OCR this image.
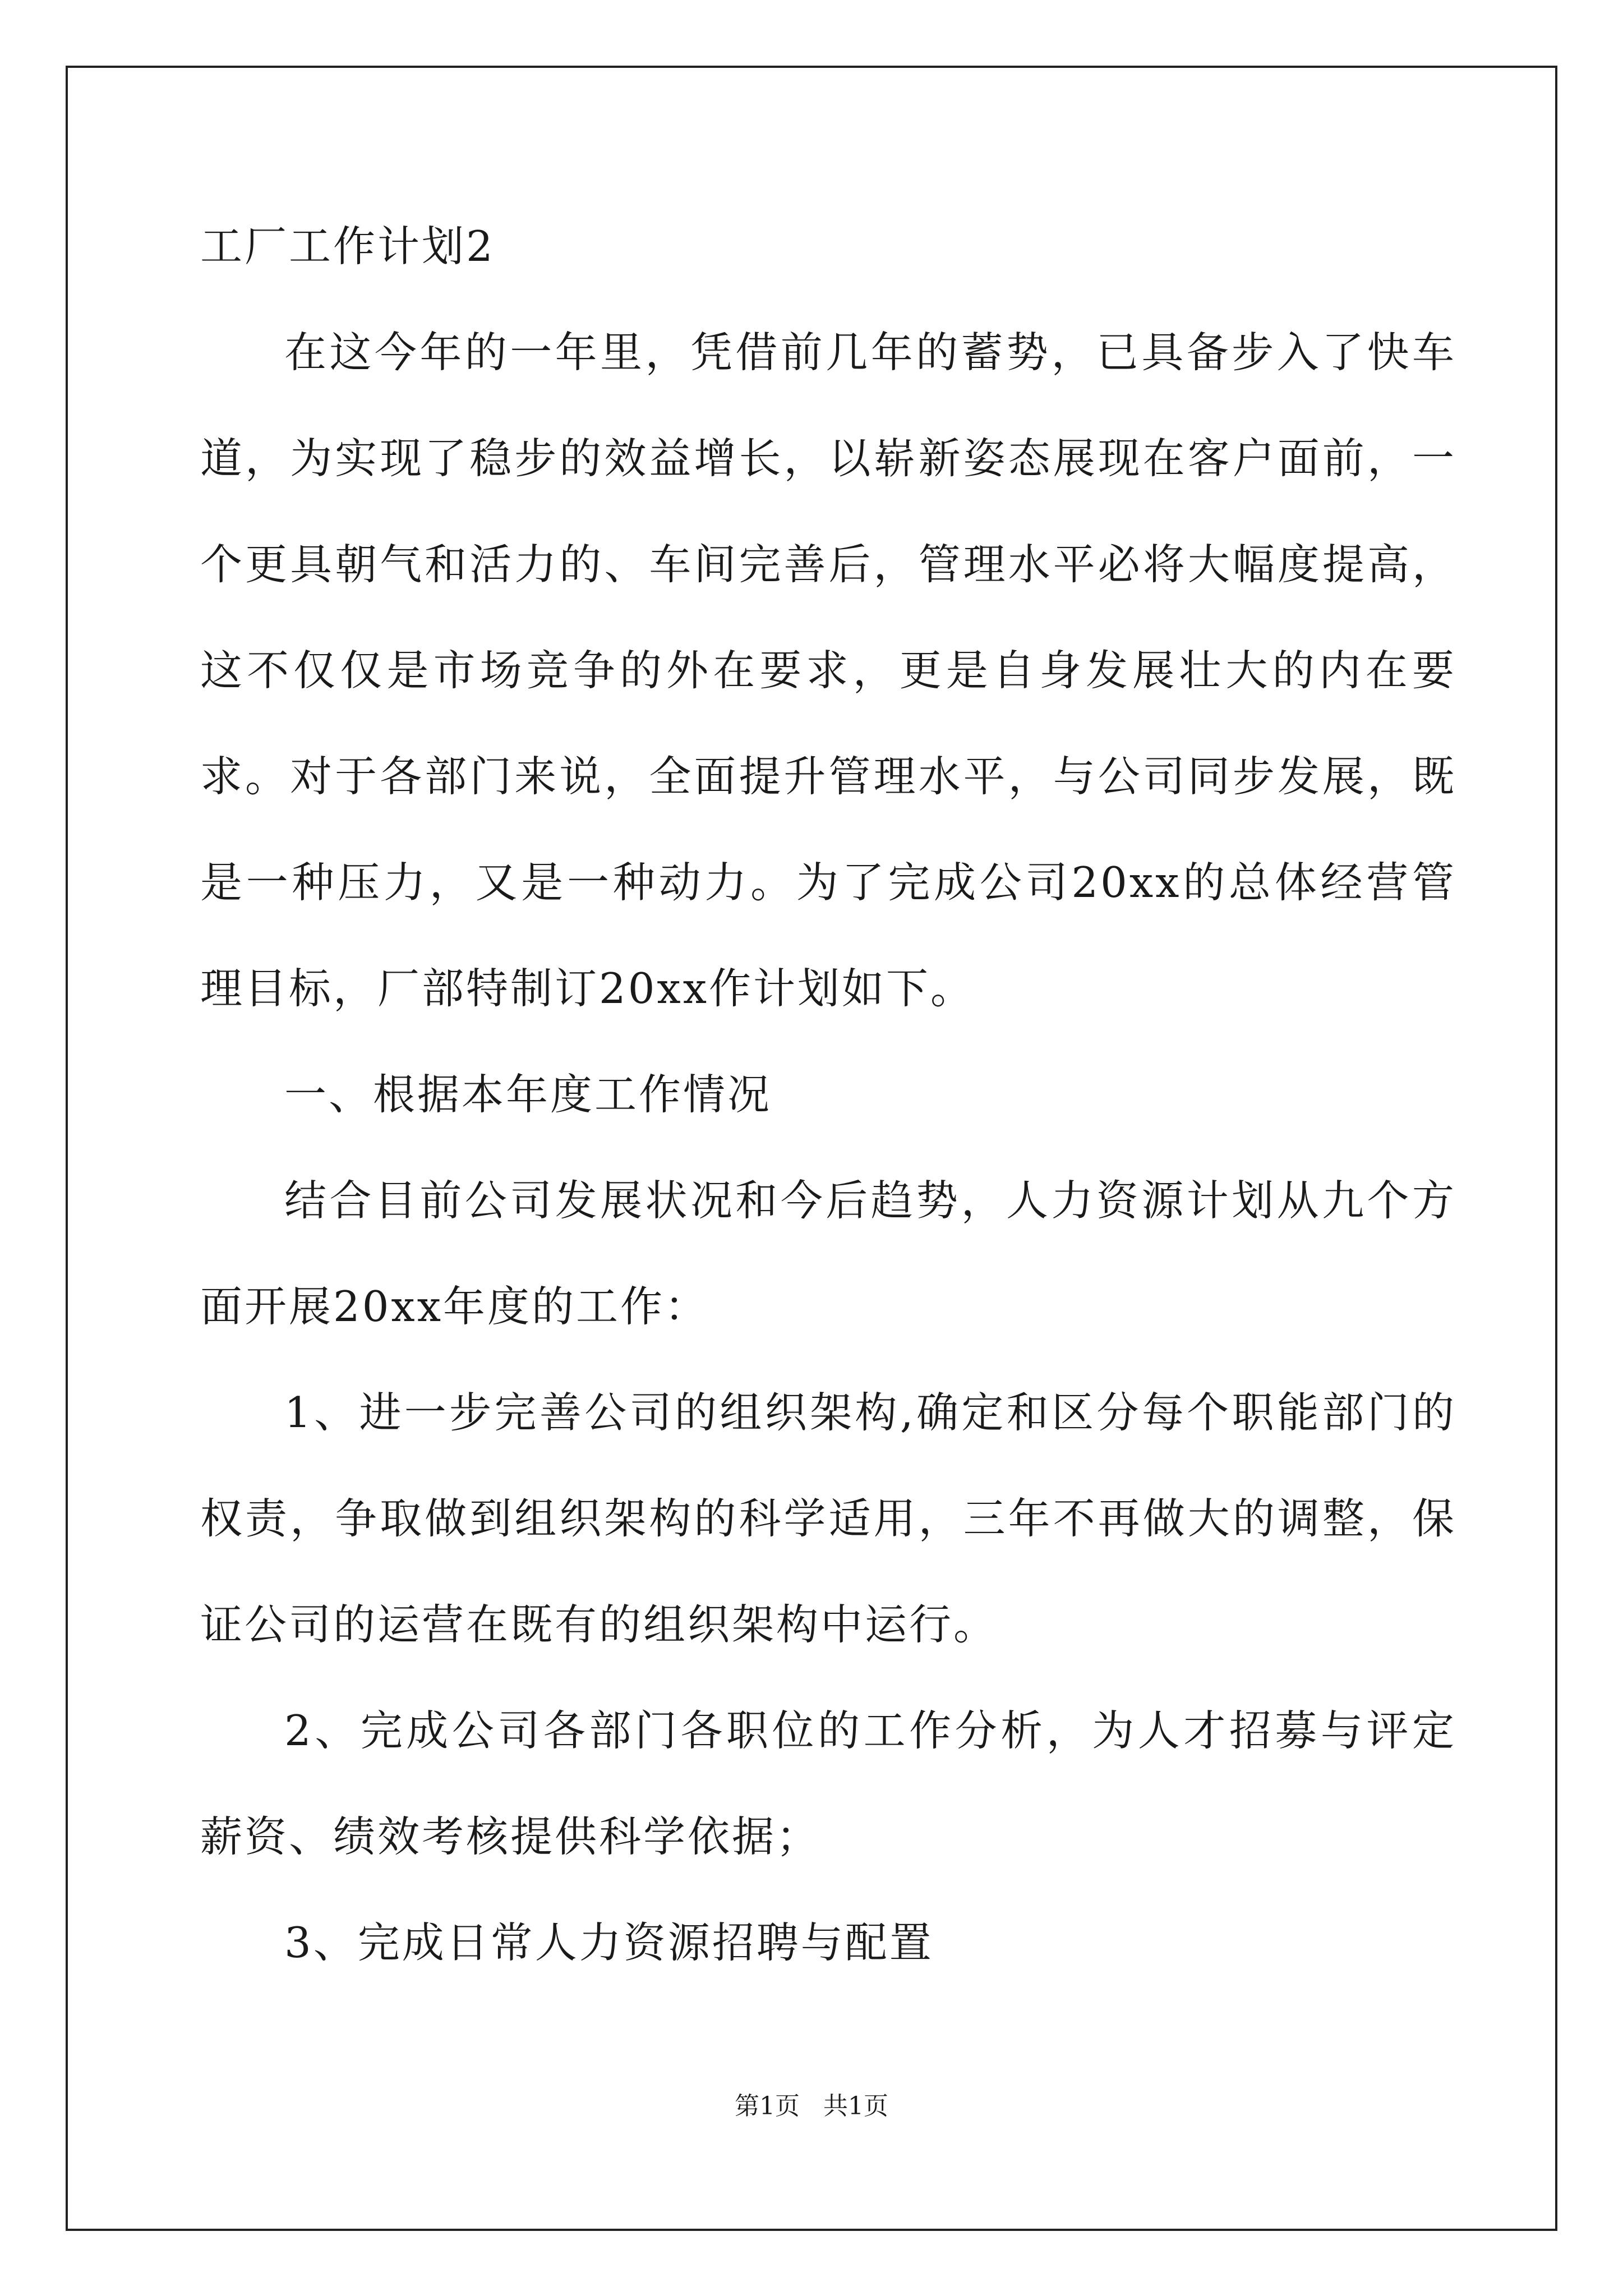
工厂工作计划2

在这今年的一年里，凭借前几年的蓄势，已具备步入了快车道，为实现了稳步的效益增长，以崭新姿态展现在客户面前，一个更具朝气和活力的、车间完善后，管理水平必将大幅度提高，这不仅仅是市场竞争的外在要求，更是自身发展壮大的内在要求。对于各部门来说，全面提升管理水平，与公司同步发展，既是一种压力，又是一种动力。为了完成公司20xx的总体经营管理目标，厂部特制订20xx作计划如下。

一、根据本年度工作情况

结合目前公司发展状况和今后趋势，人力资源计划从九个方面开展20xx年度的工作：

1、进一步完善公司的组织架构,确定和区分每个职能部门的权责，争取做到组织架构的科学适用，三年不再做大的调整，保证公司的运营在既有的组织架构中运行。

2、完成公司各部门各职位的工作分析，为人才招募与评定薪资、绩效考核提供科学依据；

3、完成日常人力资源招聘与配置

第1页 共1页
